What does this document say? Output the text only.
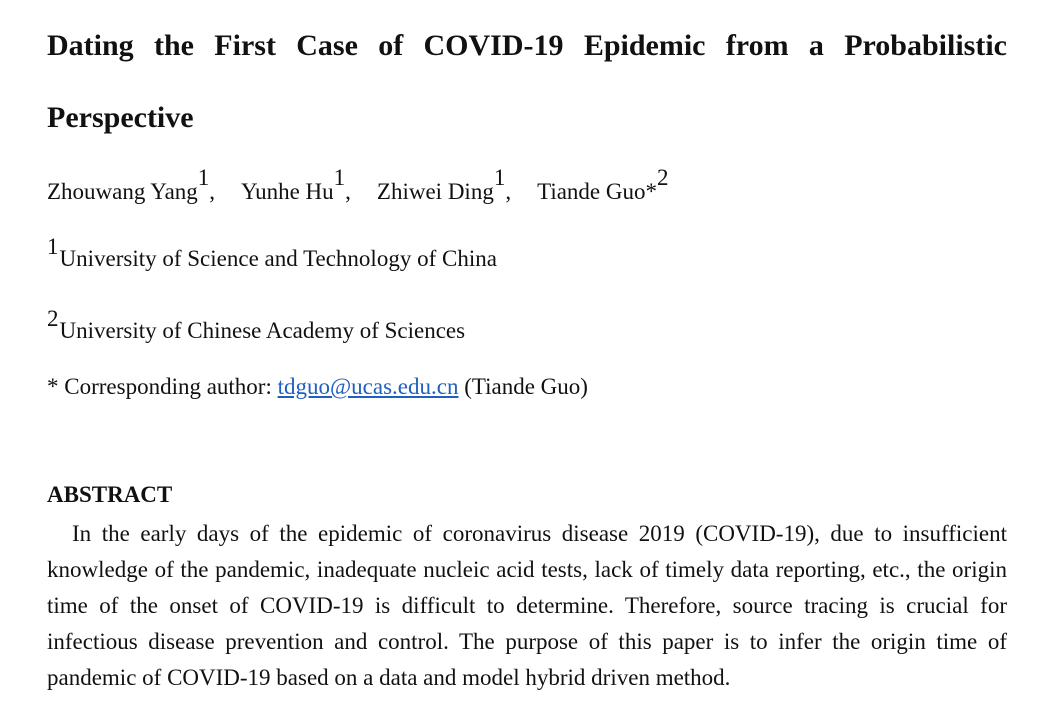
Dating the First Case of COVID-19 Epidemic from a Probabilistic
Perspective
Zhouwang Yang1, Yunhe Hu1, Zhiwei Ding1, Tiande Guo*2
1University of Science and Technology of China
2University of Chinese Academy of Sciences
* Corresponding author: tdguo@ucas.edu.cn (Tiande Guo)
ABSTRACT

In the early days of the epidemic of coronavirus disease 2019 (COVID-19), due to insufficient knowledge of the pandemic, inadequate nucleic acid tests, lack of timely data reporting, etc., the origin time of the onset of COVID-19 is difficult to determine. Therefore, source tracing is crucial for infectious disease prevention and control. The purpose of this paper is to infer the origin time of pandemic of COVID-19 based on a data and model hybrid driven method.
